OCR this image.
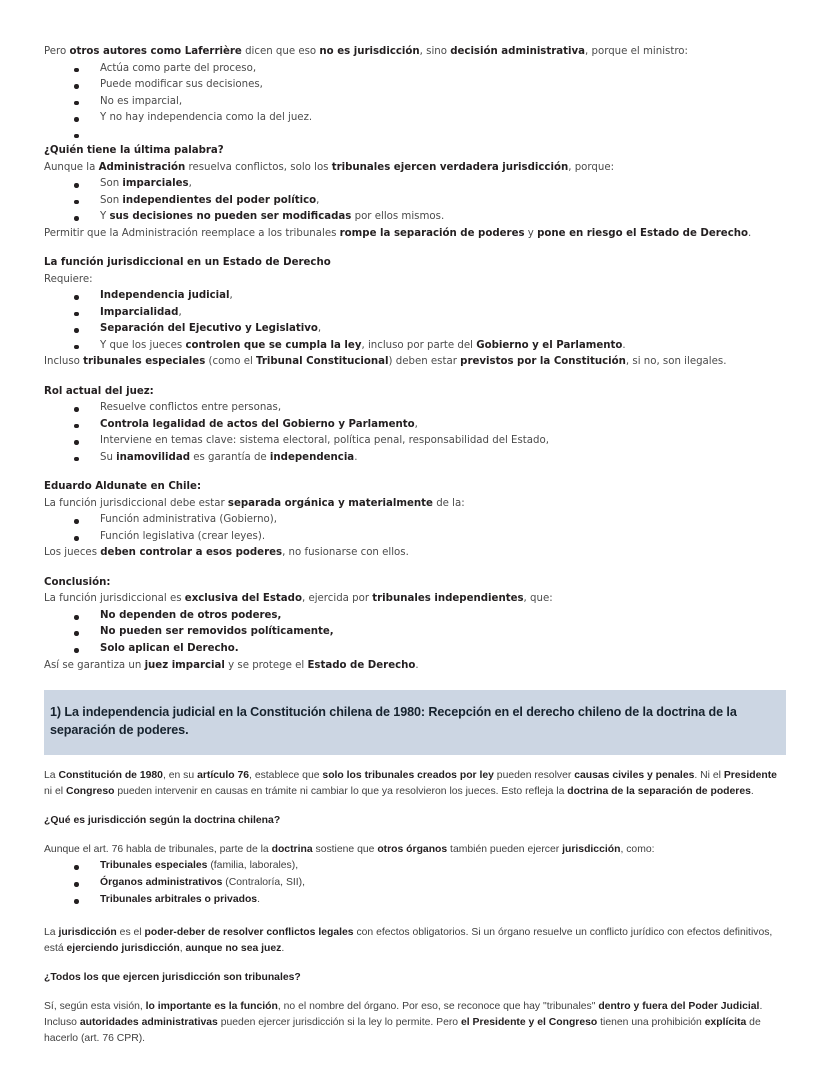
Pero otros autores como Laferrière dicen que eso no es jurisdicción, sino decisión administrativa, porque el ministro:

Actúa como parte del proceso,
Puede modificar sus decisiones,
No es imparcial,
Y no hay independencia como la del juez.

¿Quién tiene la última palabra?

Aunque la Administración resuelva conflictos, solo los tribunales ejercen verdadera jurisdicción, porque:

Son imparciales,
Son independientes del poder político,
Y sus decisiones no pueden ser modificadas por ellos mismos.

Permitir que la Administración reemplace a los tribunales rompe la separación de poderes y pone en riesgo el Estado de Derecho.

La función jurisdiccional en un Estado de Derecho

Requiere:

Independencia judicial,
Imparcialidad,
Separación del Ejecutivo y Legislativo,
Y que los jueces controlen que se cumpla la ley, incluso por parte del Gobierno y el Parlamento.

Incluso tribunales especiales (como el Tribunal Constitucional) deben estar previstos por la Constitución, si no, son ilegales.

Rol actual del juez:

Resuelve conflictos entre personas,
Controla legalidad de actos del Gobierno y Parlamento,
Interviene en temas clave: sistema electoral, política penal, responsabilidad del Estado,
Su inamovilidad es garantía de independencia.

Eduardo Aldunate en Chile:

La función jurisdiccional debe estar separada orgánica y materialmente de la:

Función administrativa (Gobierno),
Función legislativa (crear leyes).

Los jueces deben controlar a esos poderes, no fusionarse con ellos.

Conclusión:

La función jurisdiccional es exclusiva del Estado, ejercida por tribunales independientes, que:

No dependen de otros poderes,
No pueden ser removidos políticamente,
Solo aplican el Derecho.

Así se garantiza un juez imparcial y se protege el Estado de Derecho.

1) La independencia judicial en la Constitución chilena de 1980: Recepción en el derecho chileno de la doctrina de la separación de poderes.

La Constitución de 1980, en su artículo 76, establece que solo los tribunales creados por ley pueden resolver causas civiles y penales. Ni el Presidente ni el Congreso pueden intervenir en causas en trámite ni cambiar lo que ya resolvieron los jueces. Esto refleja la doctrina de la separación de poderes.

¿Qué es jurisdicción según la doctrina chilena?

Aunque el art. 76 habla de tribunales, parte de la doctrina sostiene que otros órganos también pueden ejercer jurisdicción, como:

Tribunales especiales (familia, laborales),
Órganos administrativos (Contraloría, SII),
Tribunales arbitrales o privados.

La jurisdicción es el poder-deber de resolver conflictos legales con efectos obligatorios. Si un órgano resuelve un conflicto jurídico con efectos definitivos, está ejerciendo jurisdicción, aunque no sea juez.

¿Todos los que ejercen jurisdicción son tribunales?

Sí, según esta visión, lo importante es la función, no el nombre del órgano. Por eso, se reconoce que hay "tribunales" dentro y fuera del Poder Judicial. Incluso autoridades administrativas pueden ejercer jurisdicción si la ley lo permite. Pero el Presidente y el Congreso tienen una prohibición explícita de hacerlo (art. 76 CPR).
